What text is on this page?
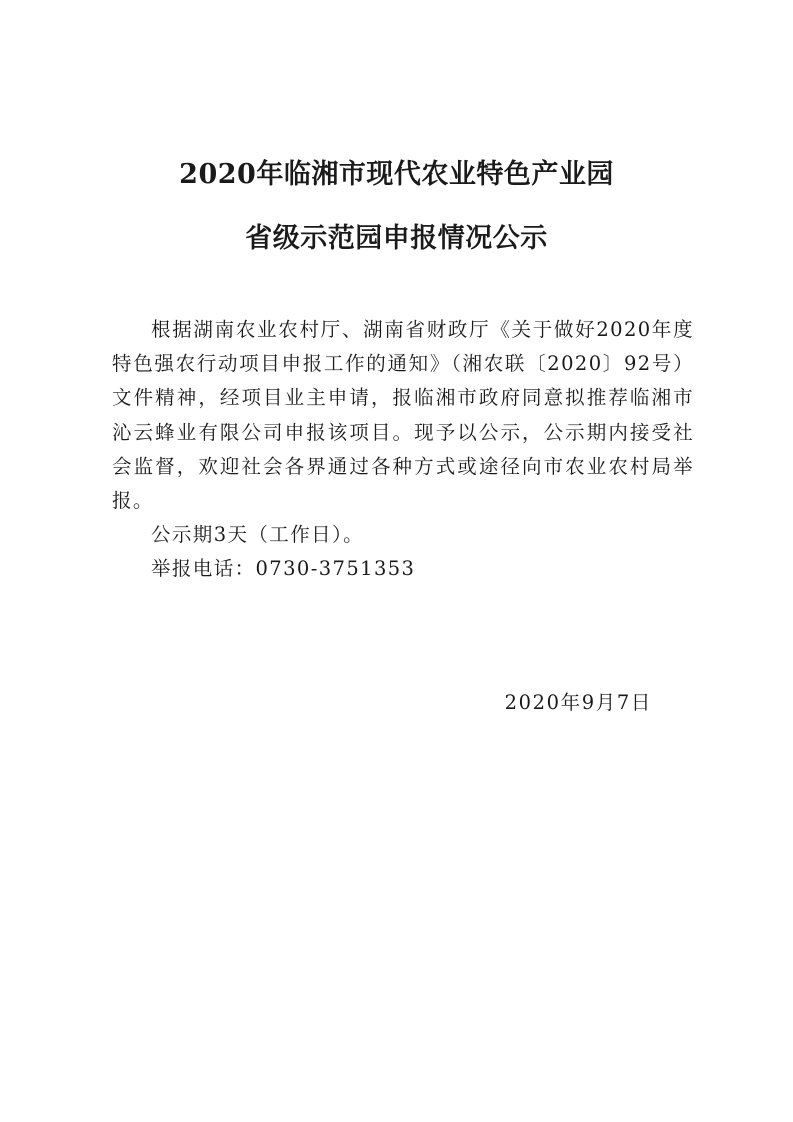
2020年临湘市现代农业特色产业园
省级示范园申报情况公示

根据湖南农业农村厅、湖南省财政厅《关于做好2020年度特色强农行动项目申报工作的通知》（湘农联〔2020〕92号）文件精神，经项目业主申请，报临湘市政府同意拟推荐临湘市沁云蜂业有限公司申报该项目。现予以公示，公示期内接受社会监督，欢迎社会各界通过各种方式或途径向市农业农村局举报。

公示期3天（工作日）。

举报电话：0730-3751353

2020年9月7日
